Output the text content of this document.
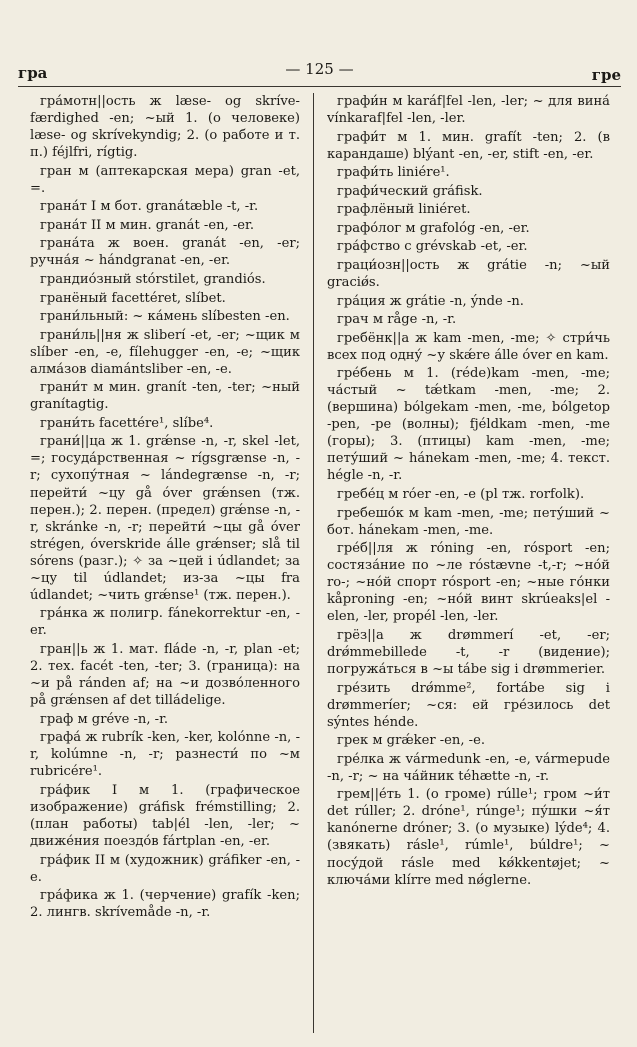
гра	— 125 —	гре

гра́мотн||ость ж læse- og skríve-færdighed -en; ~ый 1. (о человеке) læse- og skrívekyndig; 2. (о работе и т. п.) féjlfri, rígtig.

гран м (аптекарская мера) gran -et, =.

грана́т I м бот. granátæble -t, -r.

грана́т II м мин. granát -en, -er.

грана́та ж воен. granát -en, -er; ручна́я ~ hándgranat -en, -er.

грандио́зный stórstilet, grandiós.

гранёный facettéret, slíbet.

грани́льный: ~ ка́мень slíbesten -en.

грани́ль||ня ж sliberí -et, -er; ~щик м slíber -en, -e, fílehugger -en, -e; ~щик алма́зов diamántsliber -en, -e.

грани́т м мин. granít -ten, -ter; ~ный granítagtig.

грани́ть facettére¹, slíbe⁴.

грани́||ца ж 1. grǽnse -n, -r, skel -let, =; госуда́рственная ~ rígsgrænse -n, -r; сухопу́тная ~ lándegrænse -n, -r; перейти́ ~цу gå óver grǽnsen (тж. перен.); 2. перен. (предел) grǽnse -n, -r, skránke -n, -r; перейти́ ~цы gå óver strégen, óverskride álle grǽnser; slå til sórens (разг.); ✧ за ~цей і údlandet; за ~цу til údlandet; из-за ~цы fra údlandet; ~чить grǽnse¹ (тж. перен.).

гра́нка ж полигр. fánekorrektur -en, -er.

гран||ь ж 1. мат. fláde -n, -r, plan -et; 2. тех. facét -ten, -ter; 3. (граница): на ~и på ránden af; на ~и дозво́ленного på grǽnsen af det tilládelige.

граф м gréve -n, -r.

графа́ ж rubrík -ken, -ker, kolónne -n, -r, kolúmne -n, -r; разнести́ по ~м rubricére¹.

гра́фик I м 1. (графическое изображение) gráfisk frémstilling; 2. (план работы) tab|él -len, -ler; ~ движе́ния поездо́в fártplan -en, -er.

гра́фик II м (художник) gráfiker -en, -e.

гра́фика ж 1. (черчение) grafík -ken; 2. лингв. skrívemåde -n, -r.

графи́н м karáf|fel -len, -ler; ~ для вина́ vínkaraf|fel -len, -ler.

графи́т м 1. мин. grafít -ten; 2. (в карандаше) blýant -en, -er, stift -en, -er.

графи́ть liniére¹.

графи́ческий gráfisk.

графлёный liniéret.

графо́лог м grafológ -en, -er.

гра́фство с grévskab -et, -er.

граци́озн||ость ж grátie -n; ~ый graciǿs.

гра́ция ж grátie -n, ýnde -n.

грач м råge -n, -r.

гребёнк||а ж kam -men, -me; ✧ стри́чь всех под одну́ ~у skǽre álle óver en kam.

гре́бень м 1. (réde)kam -men, -me; ча́стый ~ tǽtkam -men, -me; 2. (вершина) bólgekam -men, -me, bólgetop -pen, -pe (волны); fjéldkam -men, -me (горы); 3. (птицы) kam -men, -me; пету́ший ~ hánekam -men, -me; 4. текст. hégle -n, -r.

гребе́ц м róer -en, -e (pl тж. rorfolk).

гребешо́к м kam -men, -me; пету́ший ~ бот. hánekam -men, -me.

гре́б||ля ж róning -en, rósport -en; состяза́ние по ~ле róstævne -t,-r; ~но́й ro-; ~но́й спорт rósport -en; ~ные го́нки kåproning -en; ~но́й винт skrúeaks|el -elen, -ler, propél -len, -ler.

грёз||а ж drømmerí -et, -er; drǿmmebillede -t, -r (видение); погружа́ться в ~ы tábe sig i drømmerier.

гре́зить drǿmme², fortábe sig i drømmeríer; ~ся: ей гре́зилось det sýntes hénde.

грек м grǽker -en, -e.

гре́лка ж vármedunk -en, -e, vármepude -n, -r; ~ на ча́йник téhætte -n, -r.

грем||е́ть 1. (о громе) rúlle¹; гром ~и́т det rúller; 2. dróne¹, rúnge¹; пу́шки ~я́т kanónerne dróner; 3. (о музыке) lýde⁴; 4. (звякать) rásle¹, rúmle¹, búldre¹; ~ посу́дой rásle med kǿkkentøjet; ~ ключа́ми klírre med nǿglerne.
